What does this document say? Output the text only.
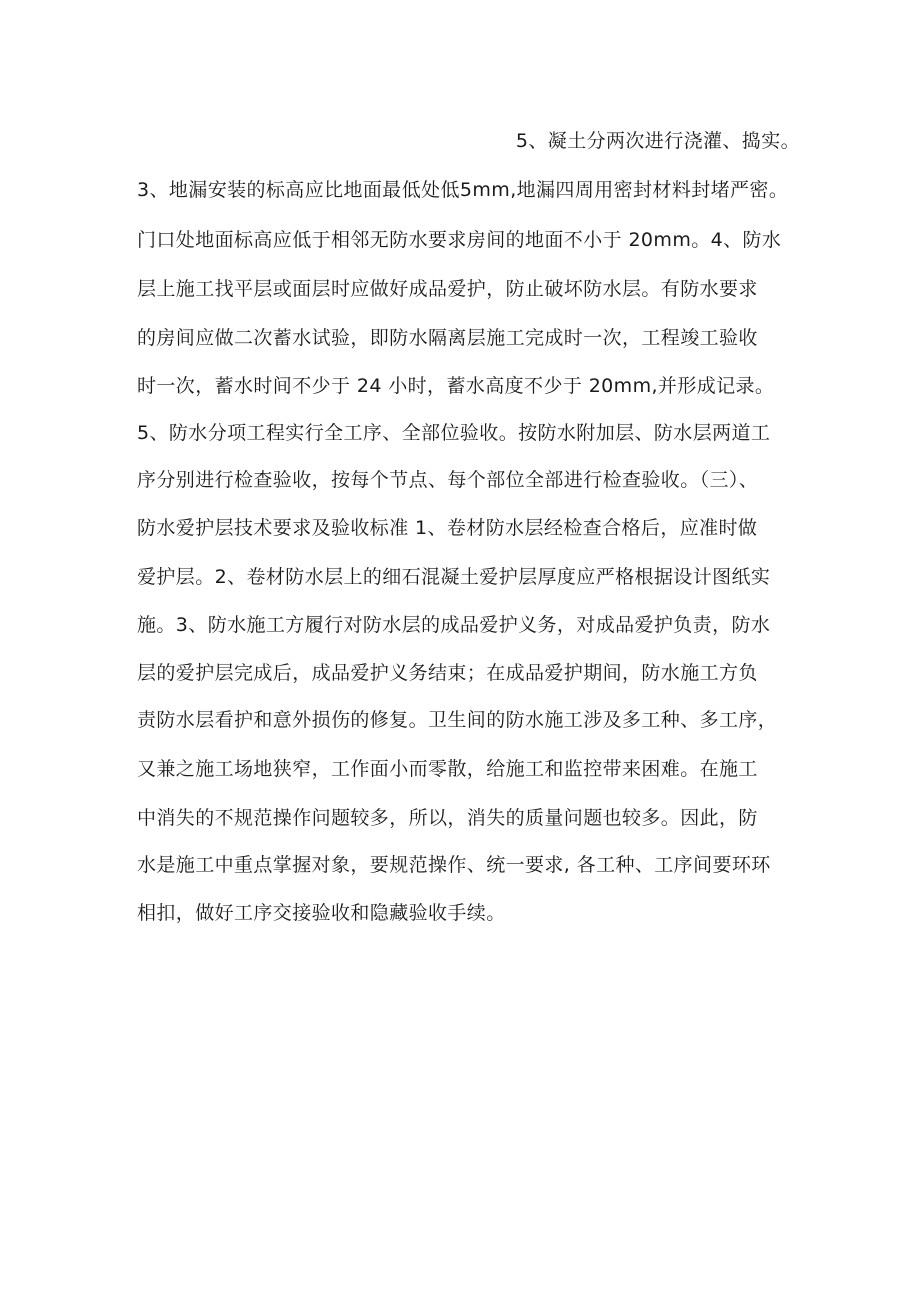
5、凝土分两次进行浇灌、捣实。
3、地漏安装的标高应比地面最低处低5mm,地漏四周用密封材料封堵严密。
门口处地面标高应低于相邻无防水要求房间的地面不小于 20mm。4、防水
层上施工找平层或面层时应做好成品爱护，防止破坏防水层。有防水要求
的房间应做二次蓄水试验，即防水隔离层施工完成时一次，工程竣工验收
时一次，蓄水时间不少于 24 小时，蓄水高度不少于 20mm,并形成记录。
5、防水分项工程实行全工序、全部位验收。按防水附加层、防水层两道工
序分别进行检查验收，按每个节点、每个部位全部进行检查验收。（三）、
防水爱护层技术要求及验收标准 1、卷材防水层经检查合格后，应准时做
爱护层。2、卷材防水层上的细石混凝土爱护层厚度应严格根据设计图纸实
施。3、防水施工方履行对防水层的成品爱护义务，对成品爱护负责，防水
层的爱护层完成后，成品爱护义务结束；在成品爱护期间，防水施工方负
责防水层看护和意外损伤的修复。卫生间的防水施工涉及多工种、多工序，
又兼之施工场地狭窄，工作面小而零散，给施工和监控带来困难。在施工
中消失的不规范操作问题较多，所以，消失的质量问题也较多。因此，防
水是施工中重点掌握对象，要规范操作、统一要求, 各工种、工序间要环环
相扣，做好工序交接验收和隐藏验收手续。
